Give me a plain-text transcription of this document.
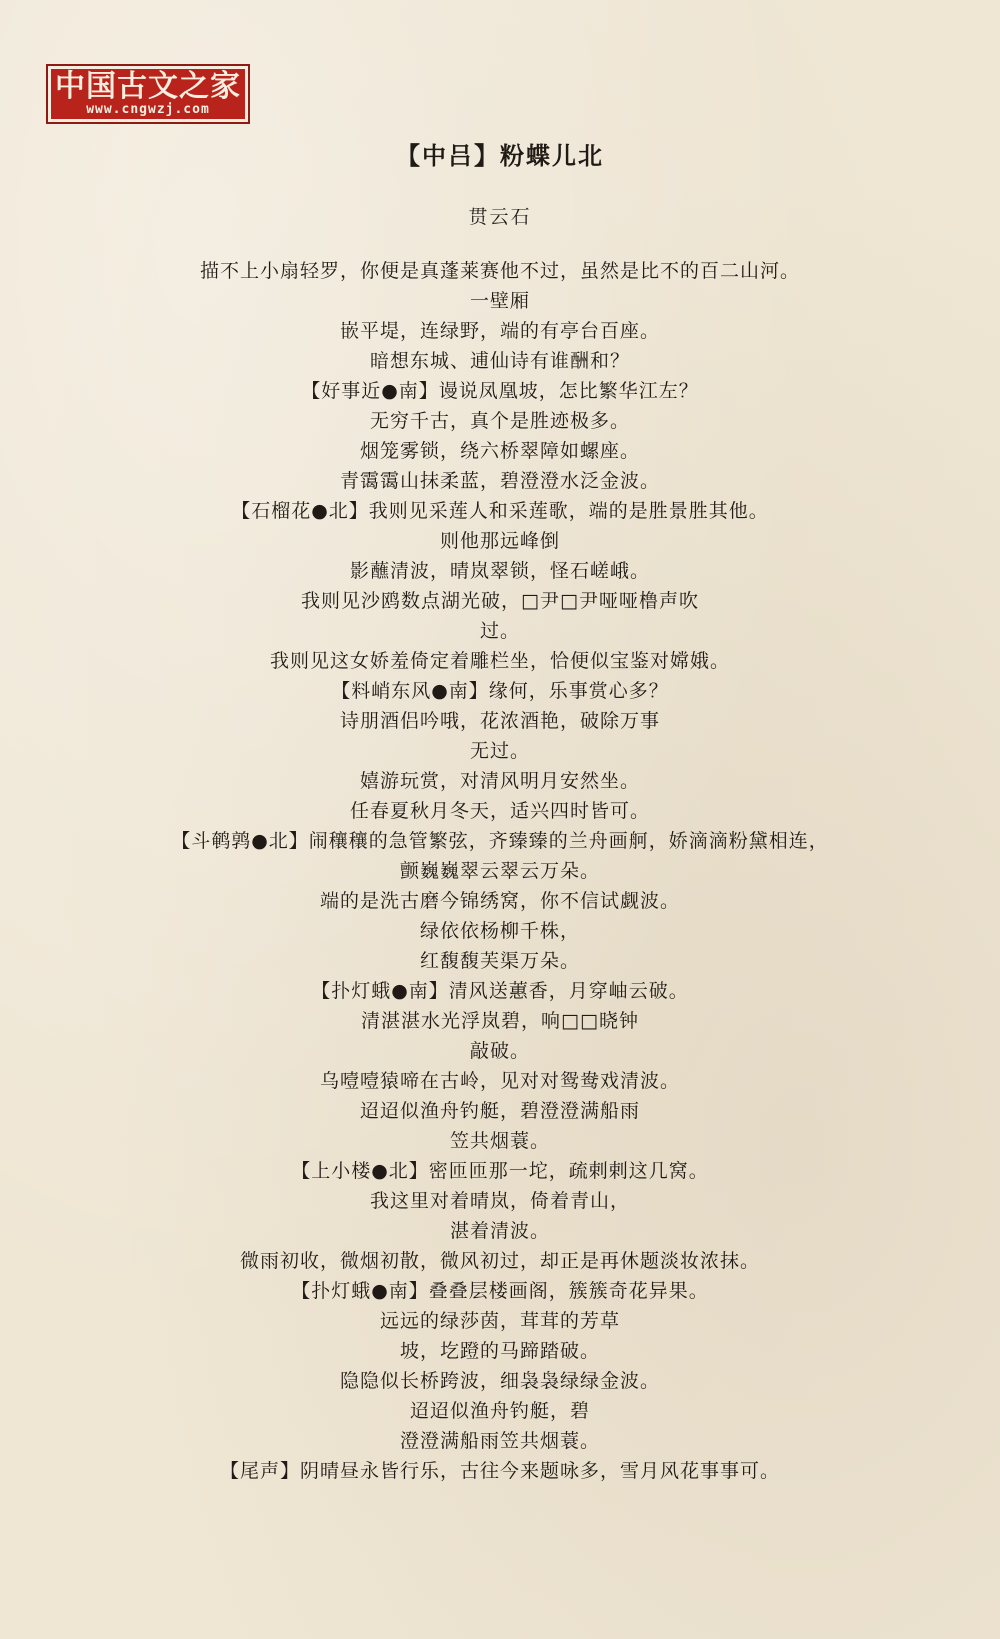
中国古文之家
www.cngwzj.com
【中吕】粉蝶儿北
贯云石
描不上小扇轻罗，你便是真蓬莱赛他不过，虽然是比不的百二山河。
一壁厢
嵌平堤，连绿野，端的有亭台百座。
暗想东城、逋仙诗有谁酬和？
【好事近●南】谩说凤凰坡，怎比繁华江左？
无穷千古，真个是胜迹极多。
烟笼雾锁，绕六桥翠障如螺座。
青霭霭山抹柔蓝，碧澄澄水泛金波。
【石榴花●北】我则见采莲人和采莲歌，端的是胜景胜其他。
则他那远峰倒
影蘸清波，晴岚翠锁，怪石嵯峨。
我则见沙鸥数点湖光破，□尹□尹哑哑橹声吹
过。
我则见这女娇羞倚定着雕栏坐，恰便似宝鉴对嫦娥。
【料峭东风●南】缘何，乐事赏心多？
诗朋酒侣吟哦，花浓酒艳，破除万事
无过。
嬉游玩赏，对清风明月安然坐。
任春夏秋月冬天，适兴四时皆可。
【斗鹌鹑●北】闹穰穰的急管繁弦，齐臻臻的兰舟画舸，娇滴滴粉黛相连，
颤巍巍翠云翠云万朵。
端的是洗古磨今锦绣窝，你不信试觑波。
绿依依杨柳千株，
红馥馥芙渠万朵。
【扑灯蛾●南】清风送蕙香，月穿岫云破。
清湛湛水光浮岚碧，响□□晓钟
敲破。
乌噎噎猿啼在古岭，见对对鸳鸯戏清波。
迢迢似渔舟钓艇，碧澄澄满船雨
笠共烟蓑。
【上小楼●北】密匝匝那一坨，疏剌剌这几窝。
我这里对着晴岚，倚着青山，
湛着清波。
微雨初收，微烟初散，微风初过，却正是再休题淡妆浓抹。
【扑灯蛾●南】叠叠层楼画阁，簇簇奇花异果。
远远的绿莎茵，茸茸的芳草
坡，圪蹬的马蹄踏破。
隐隐似长桥跨波，细袅袅绿绿金波。
迢迢似渔舟钓艇，碧
澄澄满船雨笠共烟蓑。
【尾声】阴晴昼永皆行乐，古往今来题咏多，雪月风花事事可。
